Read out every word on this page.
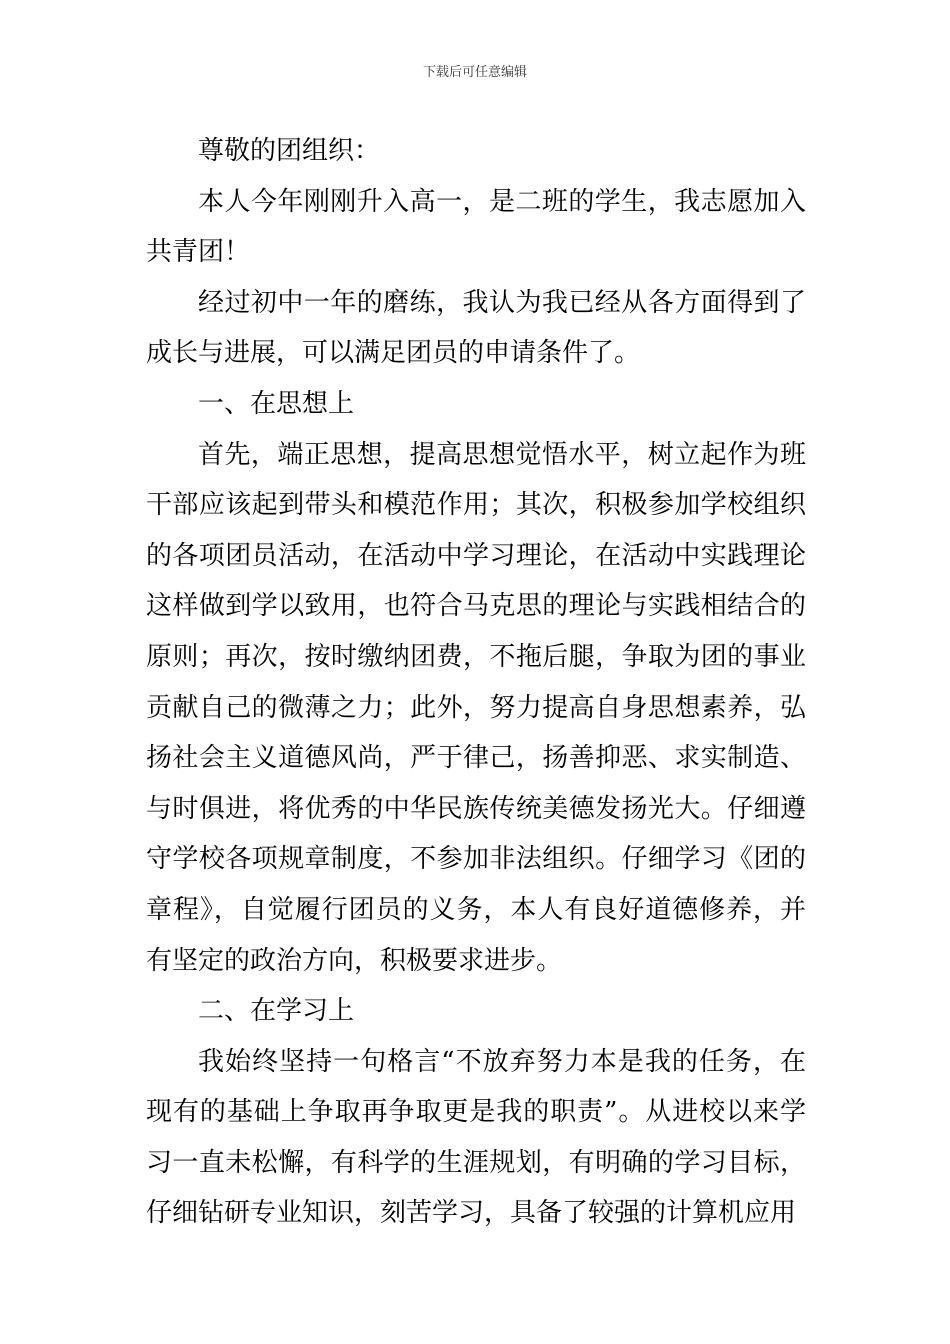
下载后可任意编辑

尊敬的团组织：

本人今年刚刚升入高一，是二班的学生，我志愿加入共青团！

经过初中一年的磨练，我认为我已经从各方面得到了成长与进展，可以满足团员的申请条件了。

一、在思想上

首先，端正思想，提高思想觉悟水平，树立起作为班干部应该起到带头和模范作用；其次，积极参加学校组织的各项团员活动，在活动中学习理论，在活动中实践理论这样做到学以致用，也符合马克思的理论与实践相结合的原则；再次，按时缴纳团费，不拖后腿，争取为团的事业贡献自己的微薄之力；此外，努力提高自身思想素养，弘扬社会主义道德风尚，严于律己，扬善抑恶、求实制造、与时俱进，将优秀的中华民族传统美德发扬光大。仔细遵守学校各项规章制度，不参加非法组织。仔细学习《团的章程》，自觉履行团员的义务，本人有良好道德修养，并有坚定的政治方向，积极要求进步。

二、在学习上

我始终坚持一句格言“不放弃努力本是我的任务，在现有的基础上争取再争取更是我的职责”。从进校以来学习一直未松懈，有科学的生涯规划，有明确的学习目标，仔细钻研专业知识，刻苦学习，具备了较强的计算机应用
